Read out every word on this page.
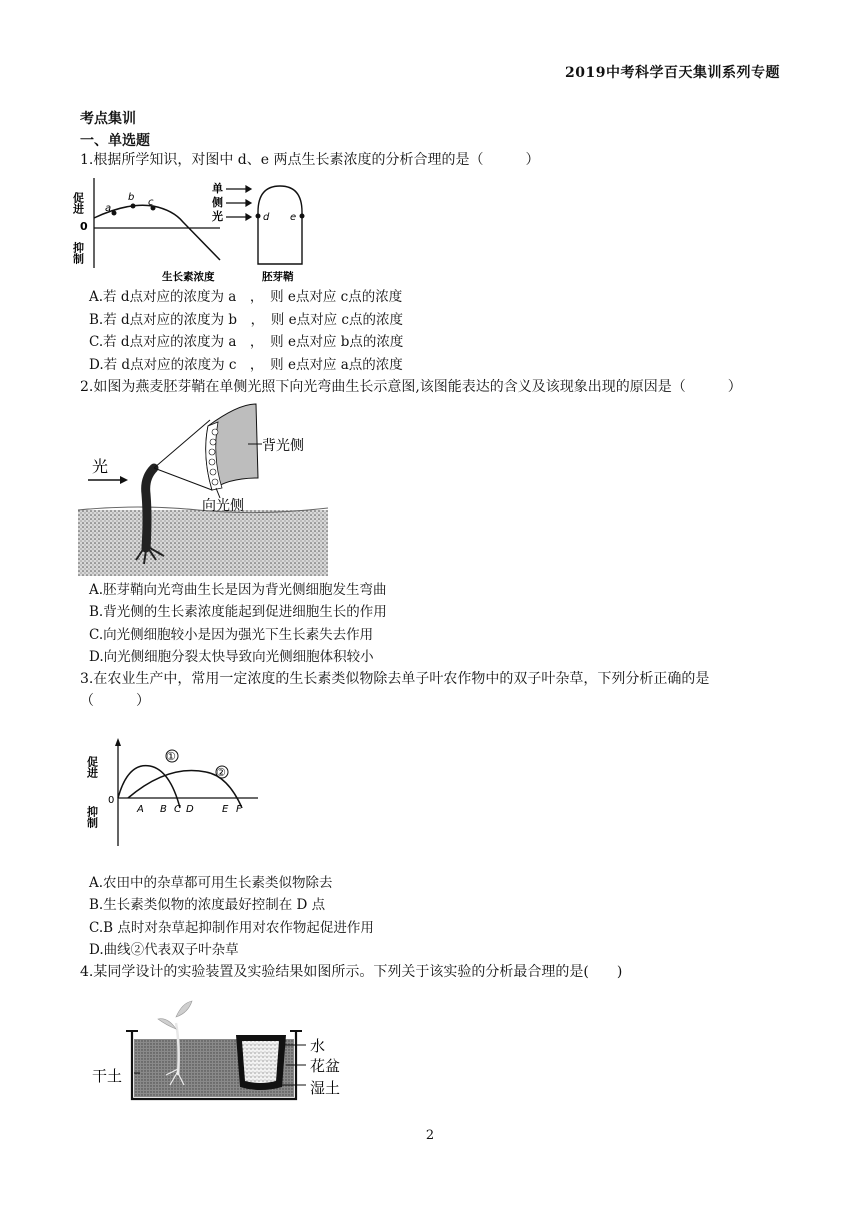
2019中考科学百天集训系列专题
考点集训
一、单选题
1.根据所学知识，对图中 d、e 两点生长素浓度的分析合理的是（　　　）
促进
0
抑制
a
b c
生长素浓度
单
侧
光	d e
胚芽鞘
A.若 d点对应的浓度为 a　，　则 e点对应 c点的浓度
B.若 d点对应的浓度为 b　，　则 e点对应 c点的浓度
C.若 d点对应的浓度为 a　，　则 e点对应 b点的浓度
D.若 d点对应的浓度为 c　，　则 e点对应 a点的浓度
2.如图为燕麦胚芽鞘在单侧光照下向光弯曲生长示意图,该图能表达的含义及该现象出现的原因是（　　　）
光
背光侧
向光侧
A.胚芽鞘向光弯曲生长是因为背光侧细胞发生弯曲
B.背光侧的生长素浓度能起到促进细胞生长的作用
C.向光侧细胞较小是因为强光下生长素失去作用
D.向光侧细胞分裂太快导致向光侧细胞体积较小
3.在农业生产中，常用一定浓度的生长素类似物除去单子叶农作物中的双子叶杂草，下列分析正确的是
（　　　）
促进
抑制
0
①
②
A B C D	E F
A.农田中的杂草都可用生长素类似物除去
B.生长素类似物的浓度最好控制在 D 点
C.B 点时对杂草起抑制作用对农作物起促进作用
D.曲线②代表双子叶杂草
4.某同学设计的实验装置及实验结果如图所示。下列关于该实验的分析最合理的是(　　)
干土
水
花盆
湿土
2
